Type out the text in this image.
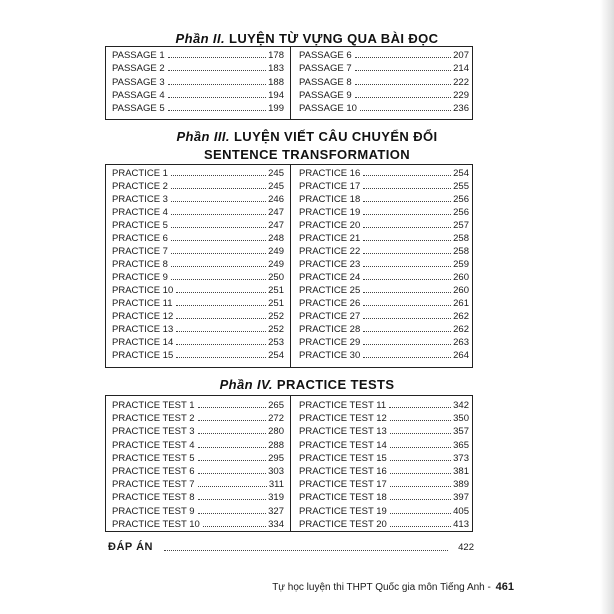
Phần II. LUYỆN TỪ VỰNG QUA BÀI ĐỌC
PASSAGE 1	178
PASSAGE 2	183
PASSAGE 3	188
PASSAGE 4	194
PASSAGE 5	199
PASSAGE 6	207
PASSAGE 7	214
PASSAGE 8	222
PASSAGE 9	229
PASSAGE 10	236
Phần III. LUYỆN VIẾT CÂU CHUYỂN ĐỔI
SENTENCE TRANSFORMATION
PRACTICE 1	245
PRACTICE 2	245
PRACTICE 3	246
PRACTICE 4	247
PRACTICE 5	247
PRACTICE 6	248
PRACTICE 7	249
PRACTICE 8	249
PRACTICE 9	250
PRACTICE 10	251
PRACTICE 11	251
PRACTICE 12	252
PRACTICE 13	252
PRACTICE 14	253
PRACTICE 15	254
PRACTICE 16	254
PRACTICE 17	255
PRACTICE 18	256
PRACTICE 19	256
PRACTICE 20	257
PRACTICE 21	258
PRACTICE 22	258
PRACTICE 23	259
PRACTICE 24	260
PRACTICE 25	260
PRACTICE 26	261
PRACTICE 27	262
PRACTICE 28	262
PRACTICE 29	263
PRACTICE 30	264
Phần IV. PRACTICE TESTS
PRACTICE TEST 1	265
PRACTICE TEST 2	272
PRACTICE TEST 3	280
PRACTICE TEST 4	288
PRACTICE TEST 5	295
PRACTICE TEST 6	303
PRACTICE TEST 7	311
PRACTICE TEST 8	319
PRACTICE TEST 9	327
PRACTICE TEST 10	334
PRACTICE TEST 11	342
PRACTICE TEST 12	350
PRACTICE TEST 13	357
PRACTICE TEST 14	365
PRACTICE TEST 15	373
PRACTICE TEST 16	381
PRACTICE TEST 17	389
PRACTICE TEST 18	397
PRACTICE TEST 19	405
PRACTICE TEST 20	413
ĐÁP ÁN	422
Tự học luyện thi THPT Quốc gia môn Tiếng Anh - 461
